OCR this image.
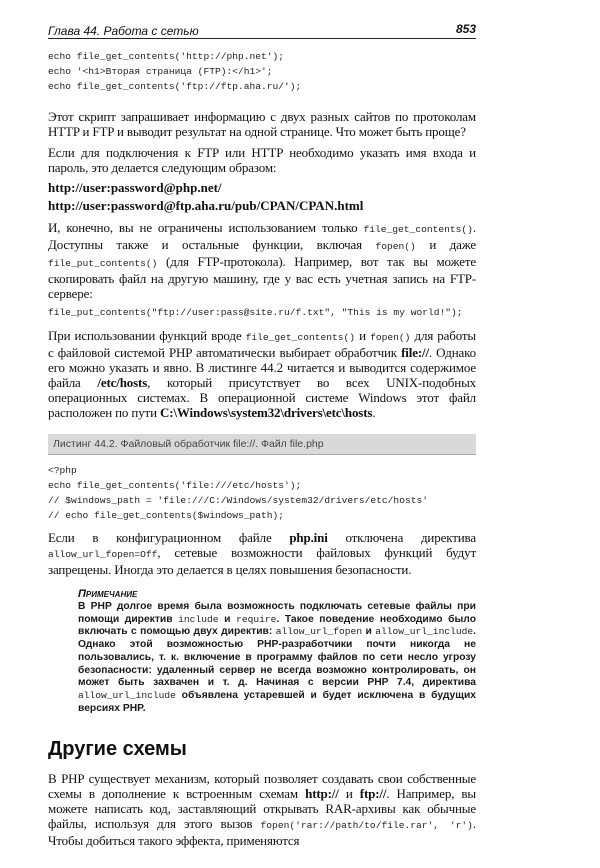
Глава 44. Работа с сетью	853
echo file_get_contents('http://php.net');
echo '<h1>Вторая страница (FTP):</h1>';
echo file_get_contents('ftp://ftp.aha.ru/');
Этот скрипт запрашивает информацию с двух разных сайтов по протоколам HTTP и FTP и выводит результат на одной странице. Что может быть проще?
Если для подключения к FTP или HTTP необходимо указать имя входа и пароль, это делается следующим образом:
http://user:password@php.net/
http://user:password@ftp.aha.ru/pub/CPAN/CPAN.html
И, конечно, вы не ограничены использованием только file_get_contents(). Доступны также и остальные функции, включая fopen() и даже file_put_contents() (для FTP-протокола). Например, вот так вы можете скопировать файл на другую машину, где у вас есть учетная запись на FTP-сервере:
file_put_contents("ftp://user:pass@site.ru/f.txt", "This is my world!");
При использовании функций вроде file_get_contents() и fopen() для работы с файловой системой PHP автоматически выбирает обработчик file://. Однако его можно указать и явно. В листинге 44.2 читается и выводится содержимое файла /etc/hosts, который присутствует во всех UNIX-подобных операционных системах. В операционной системе Windows этот файл расположен по пути C:\Windows\system32\drivers\etc\hosts.
Листинг 44.2. Файловый обработчик file://. Файл file.php
<?php
echo file_get_contents('file:///etc/hosts');
// $windows_path = 'file:///C:/Windows/system32/drivers/etc/hosts'
// echo file_get_contents($windows_path);
Если в конфигурационном файле php.ini отключена директива allow_url_fopen=Off, сетевые возможности файловых функций будут запрещены. Иногда это делается в целях повышения безопасности.
Примечание
В PHP долгое время была возможность подключать сетевые файлы при помощи директив include и require. Такое поведение необходимо было включать с помощью двух директив: allow_url_fopen и allow_url_include. Однако этой возможностью PHP-разработчики почти никогда не пользовались, т. к. включение в программу файлов по сети несло угрозу безопасности: удаленный сервер не всегда возможно контролировать, он может быть захвачен и т. д. Начиная с версии PHP 7.4, директива allow_url_include объявлена устаревшей и будет исключена в будущих версиях PHP.
Другие схемы
В PHP существует механизм, который позволяет создавать свои собственные схемы в дополнение к встроенным схемам http:// и ftp://. Например, вы можете написать код, заставляющий открывать RAR-архивы как обычные файлы, используя для этого вызов fopen('rar://path/to/file.rar', 'r'). Чтобы добиться такого эффекта, применяются
